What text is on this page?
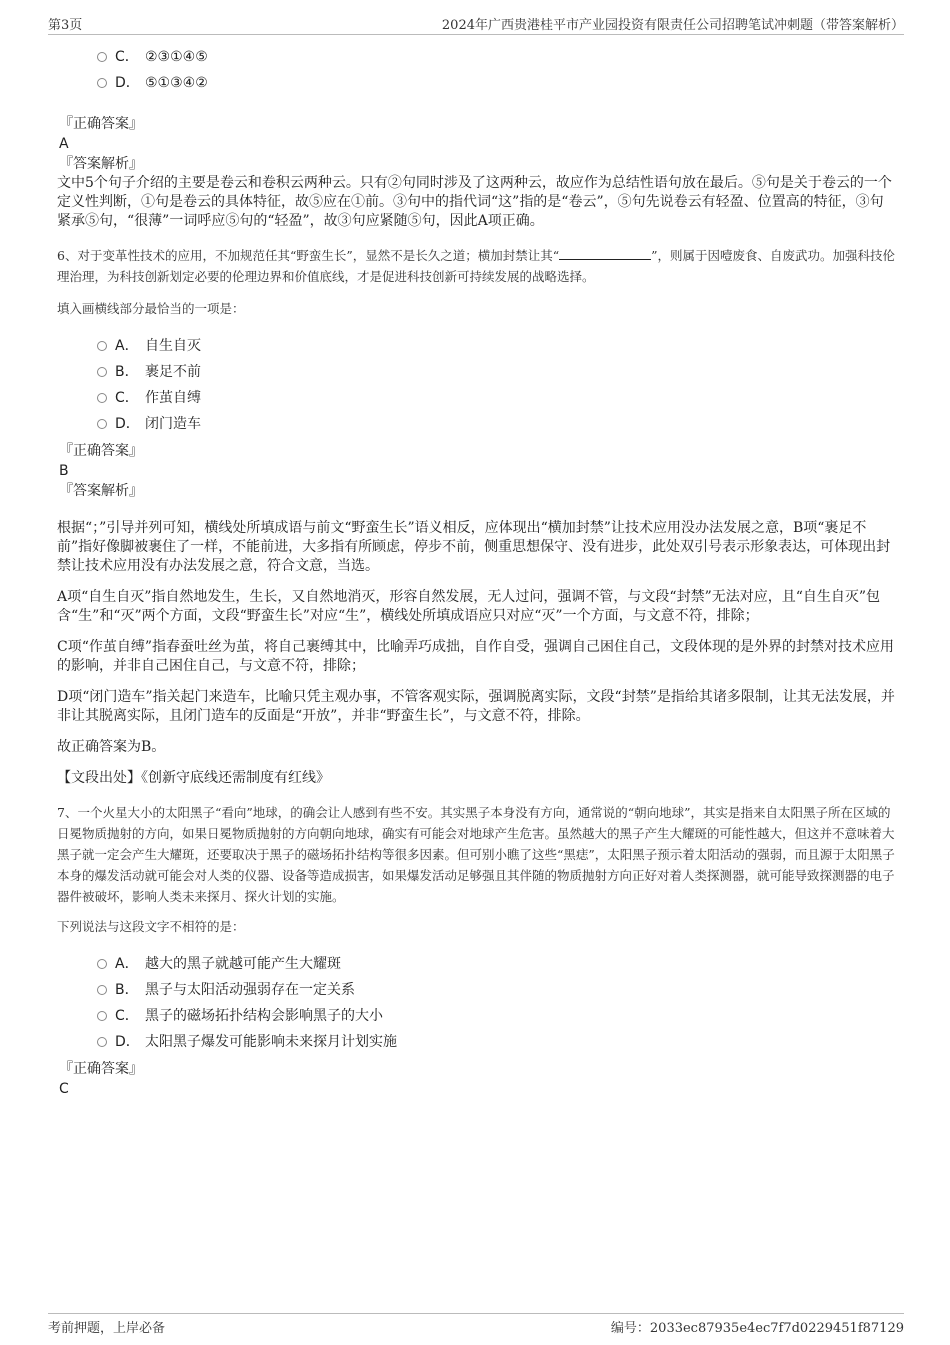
第3页	2024年广西贵港桂平市产业园投资有限责任公司招聘笔试冲刺题（带答案解析）
C． ②③①④⑤
D． ⑤①③④②
『正确答案』
A
『答案解析』

文中5个句子介绍的主要是卷云和卷积云两种云。只有②句同时涉及了这两种云，故应作为总结性语句放在最后。⑤句是关于卷云的一个定义性判断，①句是卷云的具体特征，故⑤应在①前。③句中的指代词“这”指的是“卷云”，⑤句先说卷云有轻盈、位置高的特征，③句紧承⑤句，“很薄”一词呼应⑤句的“轻盈”，故③句应紧随⑤句，因此A项正确。

6、对于变革性技术的应用，不加规范任其“野蛮生长”，显然不是长久之道；横加封禁让其“	”，则属于因噎废食、自废武功。加强科技伦理治理，为科技创新划定必要的伦理边界和价值底线，才是促进科技创新可持续发展的战略选择。

填入画横线部分最恰当的一项是：

A． 自生自灭
B． 裹足不前
C． 作茧自缚
D． 闭门造车
『正确答案』
B
『答案解析』

根据“；”引导并列可知，横线处所填成语与前文“野蛮生长”语义相反，应体现出“横加封禁”让技术应用没办法发展之意，B项“裹足不前”指好像脚被裹住了一样，不能前进，大多指有所顾虑，停步不前，侧重思想保守、没有进步，此处双引号表示形象表达，可体现出封禁让技术应用没有办法发展之意，符合文意，当选。

A项“自生自灭”指自然地发生，生长，又自然地消灭，形容自然发展，无人过问，强调不管，与文段“封禁”无法对应，且“自生自灭”包含“生”和“灭”两个方面，文段“野蛮生长”对应“生”，横线处所填成语应只对应“灭”一个方面，与文意不符，排除；

C项“作茧自缚”指春蚕吐丝为茧，将自己裹缚其中，比喻弄巧成拙，自作自受，强调自己困住自己，文段体现的是外界的封禁对技术应用的影响，并非自己困住自己，与文意不符，排除；

D项“闭门造车”指关起门来造车，比喻只凭主观办事，不管客观实际，强调脱离实际，文段“封禁”是指给其诸多限制，让其无法发展，并非让其脱离实际，且闭门造车的反面是“开放”，并非“野蛮生长”，与文意不符，排除。

故正确答案为B。

【文段出处】《创新守底线还需制度有红线》

7、一个火星大小的太阳黑子“看向”地球，的确会让人感到有些不安。其实黑子本身没有方向，通常说的“朝向地球”，其实是指来自太阳黑子所在区域的日冕物质抛射的方向，如果日冕物质抛射的方向朝向地球，确实有可能会对地球产生危害。虽然越大的黑子产生大耀斑的可能性越大，但这并不意味着大黑子就一定会产生大耀斑，还要取决于黑子的磁场拓扑结构等很多因素。但可别小瞧了这些“黑痣”，太阳黑子预示着太阳活动的强弱，而且源于太阳黑子本身的爆发活动就可能会对人类的仪器、设备等造成损害，如果爆发活动足够强且其伴随的物质抛射方向正好对着人类探测器，就可能导致探测器的电子器件被破坏，影响人类未来探月、探火计划的实施。

下列说法与这段文字不相符的是：

A． 越大的黑子就越可能产生大耀斑
B． 黑子与太阳活动强弱存在一定关系
C． 黑子的磁场拓扑结构会影响黑子的大小
D． 太阳黑子爆发可能影响未来探月计划实施
『正确答案』
C
考前押题，上岸必备	编号：2033ec87935e4ec7f7d0229451f87129
